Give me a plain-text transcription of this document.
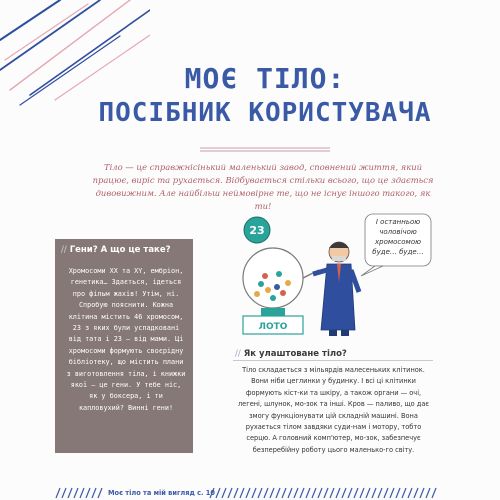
МОЄ ТІЛО:
ПОСІБНИК КОРИСТУВАЧА

Тіло — це справжнісінький маленький завод, сповнений життя, який працює, виріс та рухається. Відбувається стільки всього, що це здається дивовижним. Але найбільш неймовірне те, що не існує іншого такого, як ти!

// Гени? А що це таке?
Хромосоми XX та XY, ембріон, генетика… Здається, ідеться про фільм жахів! Утім, ні. Спробую пояснити. Кожна клітина містить 46 хромосом, 23 з яких були успадковані від тата і 23 — від мами. Ці хромосоми формують своєрідну бібліотеку, що містить плани з виготовлення тіла, і книжки якої — це гени. У тебе ніс, як у боксера, і ти капловухий? Винні гени!
23
ЛОТО
І останньою чоловічою хромосомою буде… буде…
// Як улаштоване тіло?
Тіло складається з мільярдів малесеньких клітинок. Вони ніби цеглинки у будинку. І всі ці клітинки формують кіст-ки та шкіру, а також органи — очі, легені, шлунок, мо-зок та інші. Кров — паливо, що дає змогу функціонувати цій складній машині. Вона рухається тілом завдяки суди-нам і мотору, тобто серцю. А головний комп'ютер, мо-зок, забезпечує безперебійну роботу цього маленько-го світу.
Моє тіло та мій вигляд с. 10
